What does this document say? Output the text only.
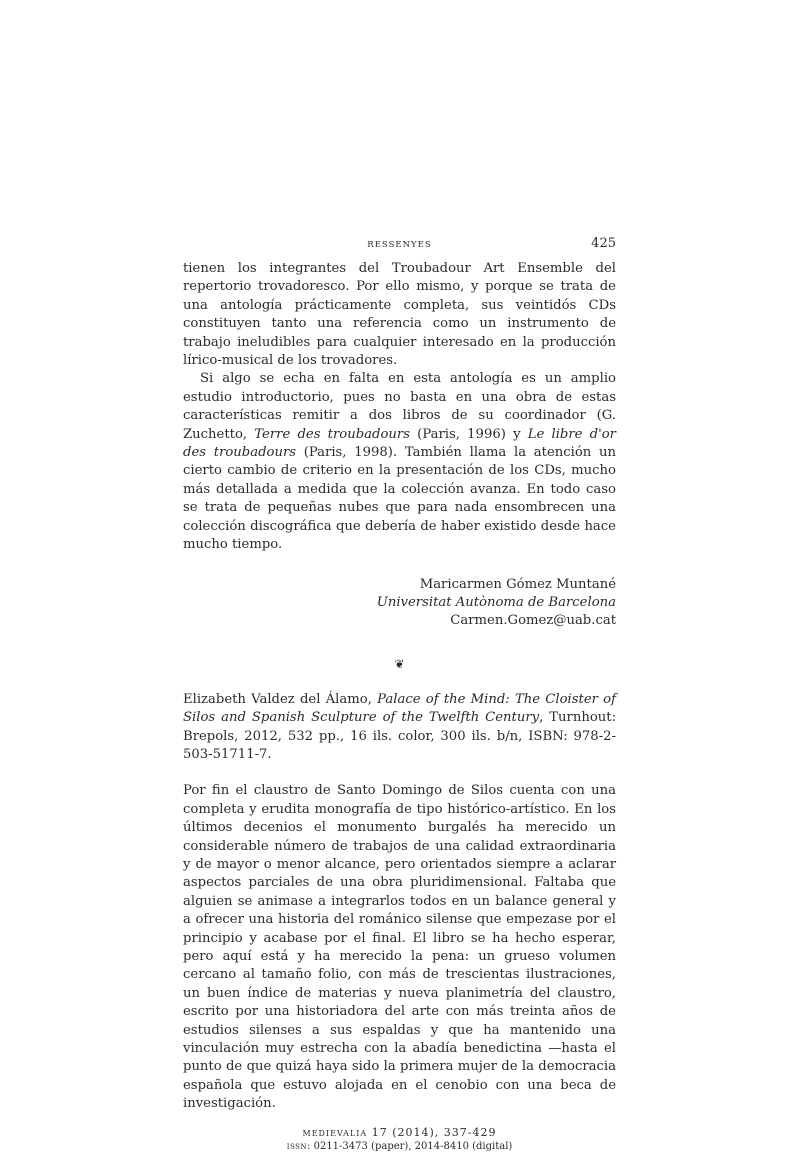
RESSENYES	425

tienen los integrantes del Troubadour Art Ensemble del repertorio trovadoresco. Por ello mismo, y porque se trata de una antología prácticamente completa, sus veintidós CDs constituyen tanto una referencia como un instrumento de trabajo ineludibles para cualquier interesado en la producción lírico-musical de los trovadores.

Si algo se echa en falta en esta antología es un amplio estudio introductorio, pues no basta en una obra de estas características remitir a dos libros de su coordinador (G. Zuchetto, Terre des troubadours (Paris, 1996) y Le libre d'or des troubadours (Paris, 1998). También llama la atención un cierto cambio de criterio en la presentación de los CDs, mucho más detallada a medida que la colección avanza. En todo caso se trata de pequeñas nubes que para nada ensombrecen una colección discográfica que debería de haber existido desde hace mucho tiempo.

Maricarmen Gómez Muntané
Universitat Autònoma de Barcelona
Carmen.Gomez@uab.cat
❦

Elizabeth Valdez del Álamo, Palace of the Mind: The Cloister of Silos and Spanish Sculpture of the Twelfth Century, Turnhout: Brepols, 2012, 532 pp., 16 ils. color, 300 ils. b/n, ISBN: 978-2-503-51711-7.

Por fin el claustro de Santo Domingo de Silos cuenta con una completa y erudita monografía de tipo histórico-artístico. En los últimos decenios el monumento burgalés ha merecido un considerable número de trabajos de una calidad extraordinaria y de mayor o menor alcance, pero orientados siempre a aclarar aspectos parciales de una obra pluridimensional. Faltaba que alguien se animase a integrarlos todos en un balance general y a ofrecer una historia del románico silense que empezase por el principio y acabase por el final. El libro se ha hecho esperar, pero aquí está y ha merecido la pena: un grueso volumen cercano al tamaño folio, con más de trescientas ilustraciones, un buen índice de materias y nueva planimetría del claustro, escrito por una historiadora del arte con más treinta años de estudios silenses a sus espaldas y que ha mantenido una vinculación muy estrecha con la abadía benedictina —hasta el punto de que quizá haya sido la primera mujer de la democracia española que estuvo alojada en el cenobio con una beca de investigación.

medievalia 17 (2014), 337-429
issn: 0211-3473 (paper), 2014-8410 (digital)
